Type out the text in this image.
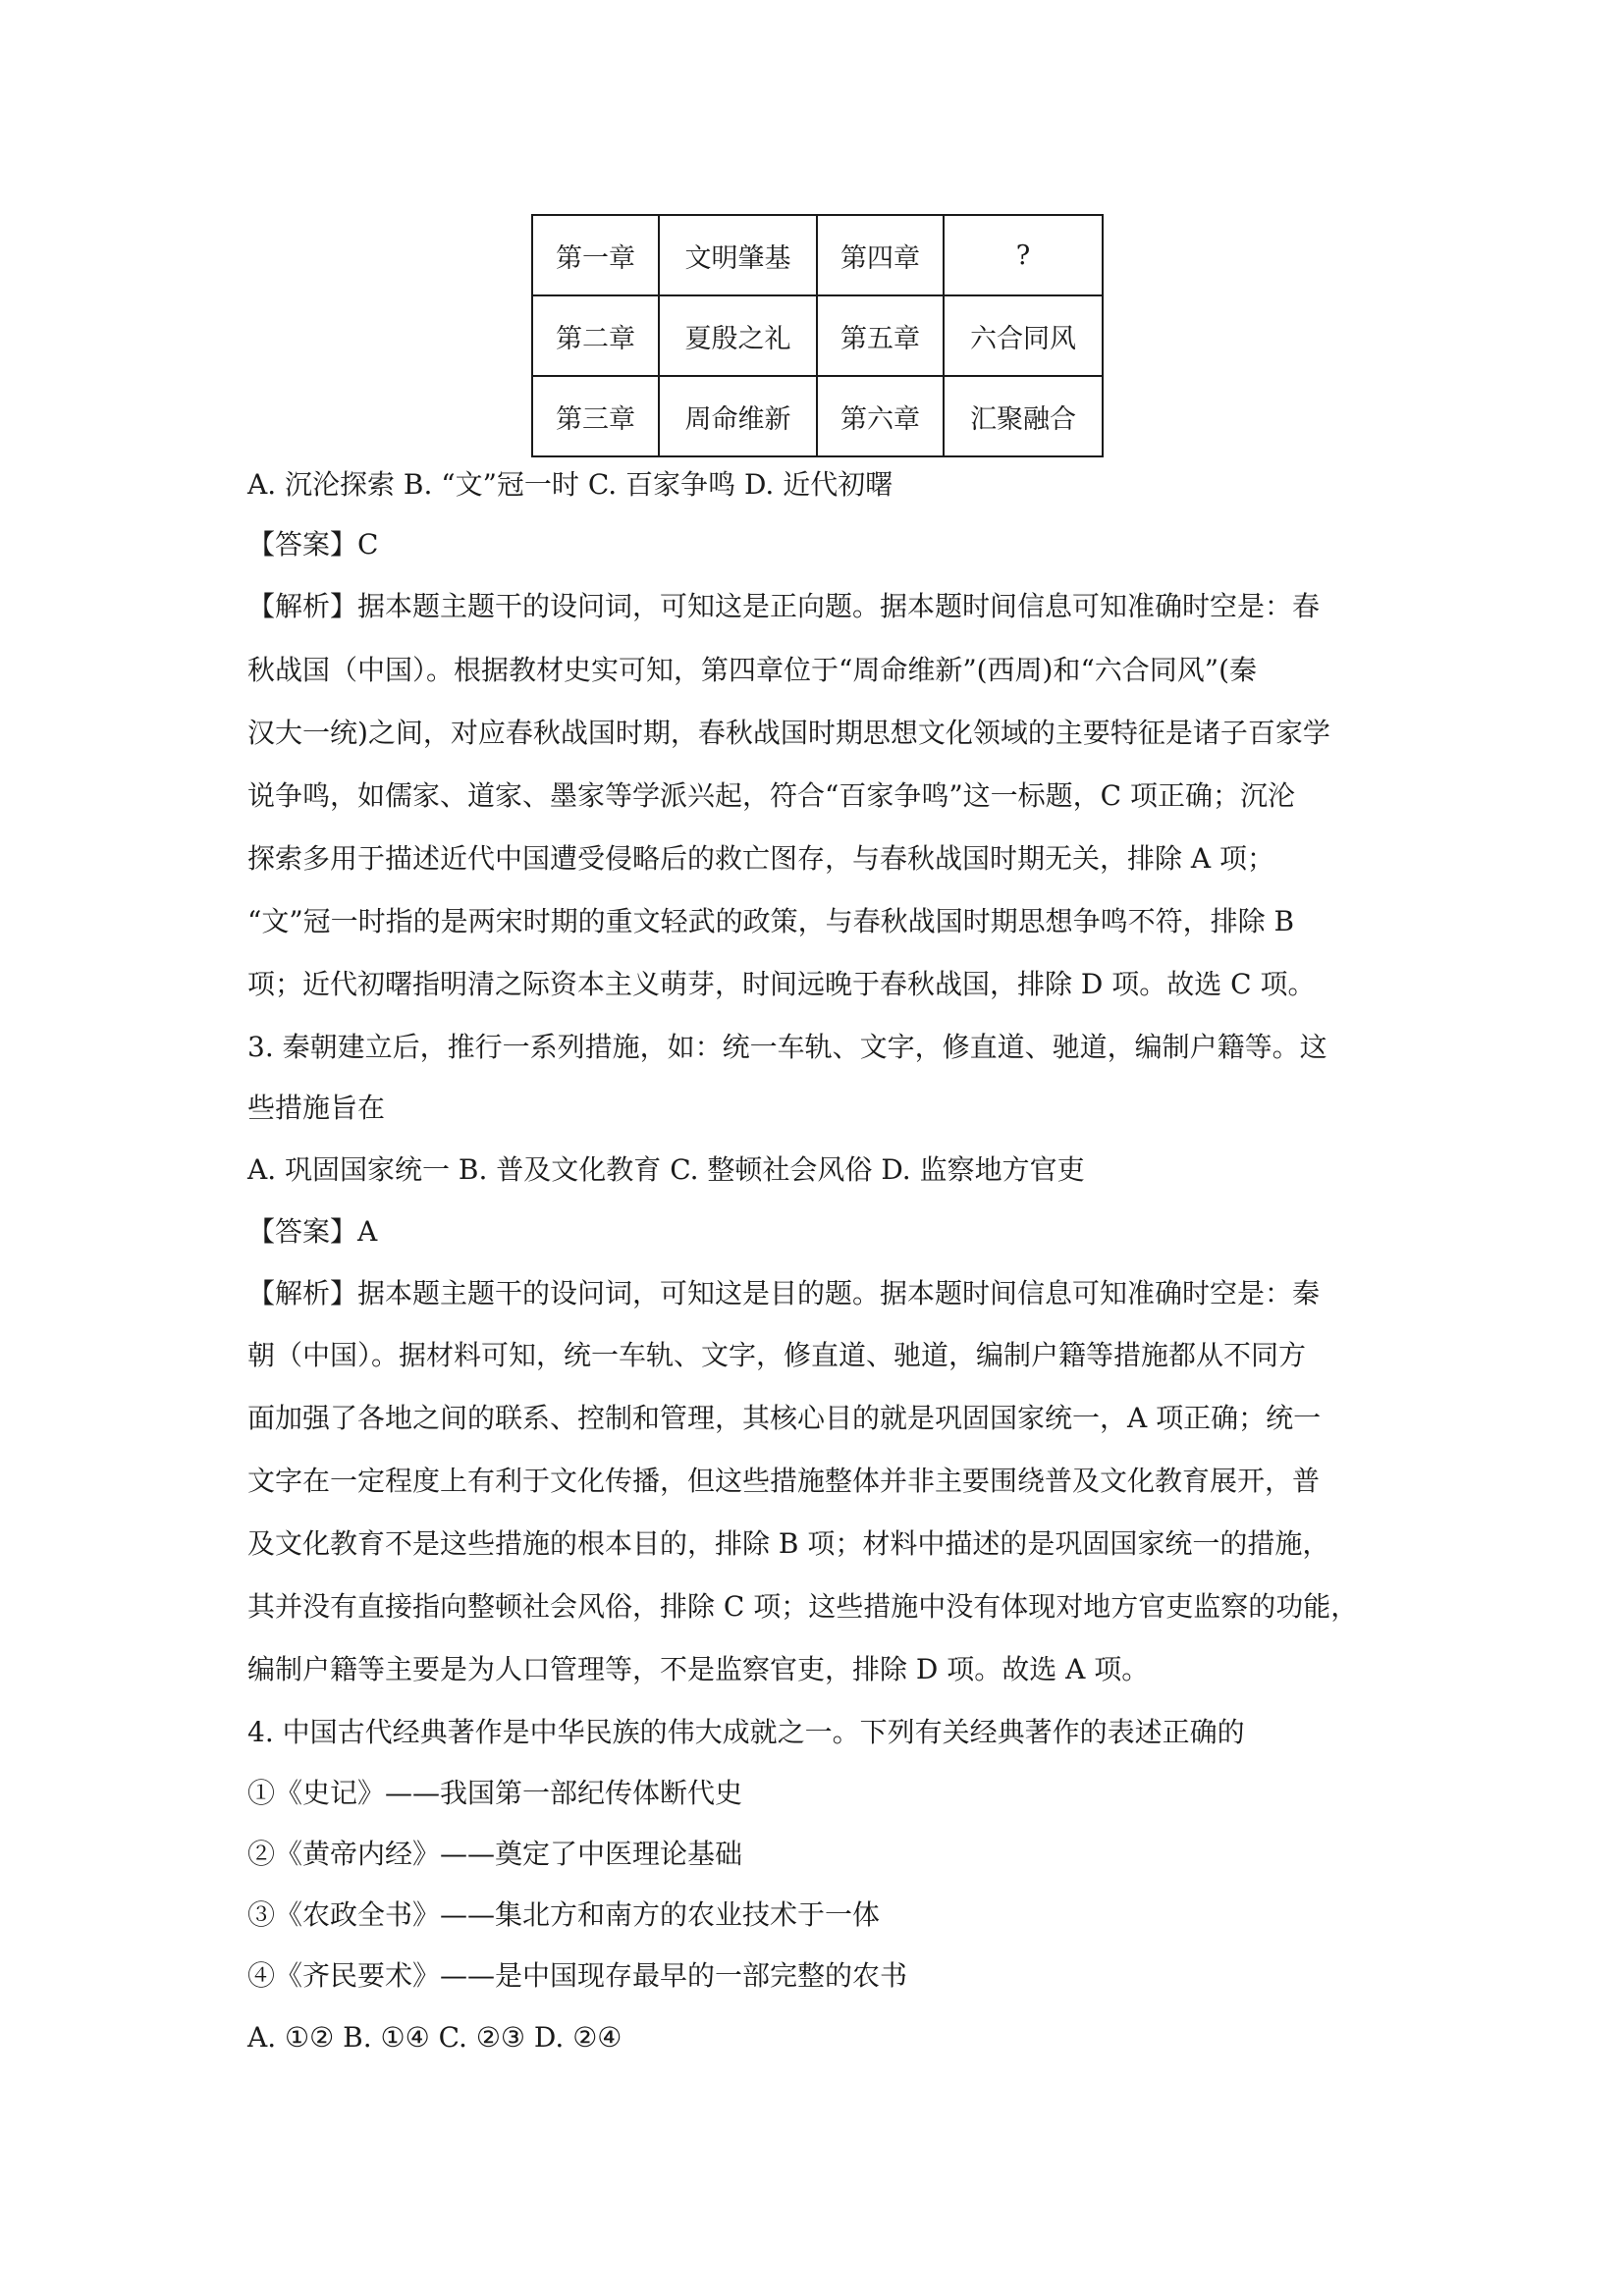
第一章	文明肇基	第四章	?
第二章	夏殷之礼	第五章	六合同风
第三章	周命维新	第六章	汇聚融合
A. 沉沦探索 B. “文”冠一时 C. 百家争鸣 D. 近代初曙
【答案】C
【解析】据本题主题干的设问词，可知这是正向题。据本题时间信息可知准确时空是：春
秋战国（中国）。根据教材史实可知，第四章位于“周命维新”(西周)和“六合同风”(秦
汉大一统)之间，对应春秋战国时期，春秋战国时期思想文化领域的主要特征是诸子百家学
说争鸣，如儒家、道家、墨家等学派兴起，符合“百家争鸣”这一标题，C 项正确；沉沦
探索多用于描述近代中国遭受侵略后的救亡图存，与春秋战国时期无关，排除 A 项；
“文”冠一时指的是两宋时期的重文轻武的政策，与春秋战国时期思想争鸣不符，排除 B
项；近代初曙指明清之际资本主义萌芽，时间远晚于春秋战国，排除 D 项。故选 C 项。
3. 秦朝建立后，推行一系列措施，如：统一车轨、文字，修直道、驰道，编制户籍等。这
些措施旨在
A. 巩固国家统一 B. 普及文化教育 C. 整顿社会风俗 D. 监察地方官吏
【答案】A
【解析】据本题主题干的设问词，可知这是目的题。据本题时间信息可知准确时空是：秦
朝（中国）。据材料可知，统一车轨、文字，修直道、驰道，编制户籍等措施都从不同方
面加强了各地之间的联系、控制和管理，其核心目的就是巩固国家统一，A 项正确；统一
文字在一定程度上有利于文化传播，但这些措施整体并非主要围绕普及文化教育展开，普
及文化教育不是这些措施的根本目的，排除 B 项；材料中描述的是巩固国家统一的措施，
其并没有直接指向整顿社会风俗，排除 C 项；这些措施中没有体现对地方官吏监察的功能，
编制户籍等主要是为人口管理等，不是监察官吏，排除 D 项。故选 A 项。
4. 中国古代经典著作是中华民族的伟大成就之一。下列有关经典著作的表述正确的
①《史记》——我国第一部纪传体断代史
②《黄帝内经》——奠定了中医理论基础
③《农政全书》——集北方和南方的农业技术于一体
④《齐民要术》——是中国现存最早的一部完整的农书
A. ①② B. ①④ C. ②③ D. ②④
